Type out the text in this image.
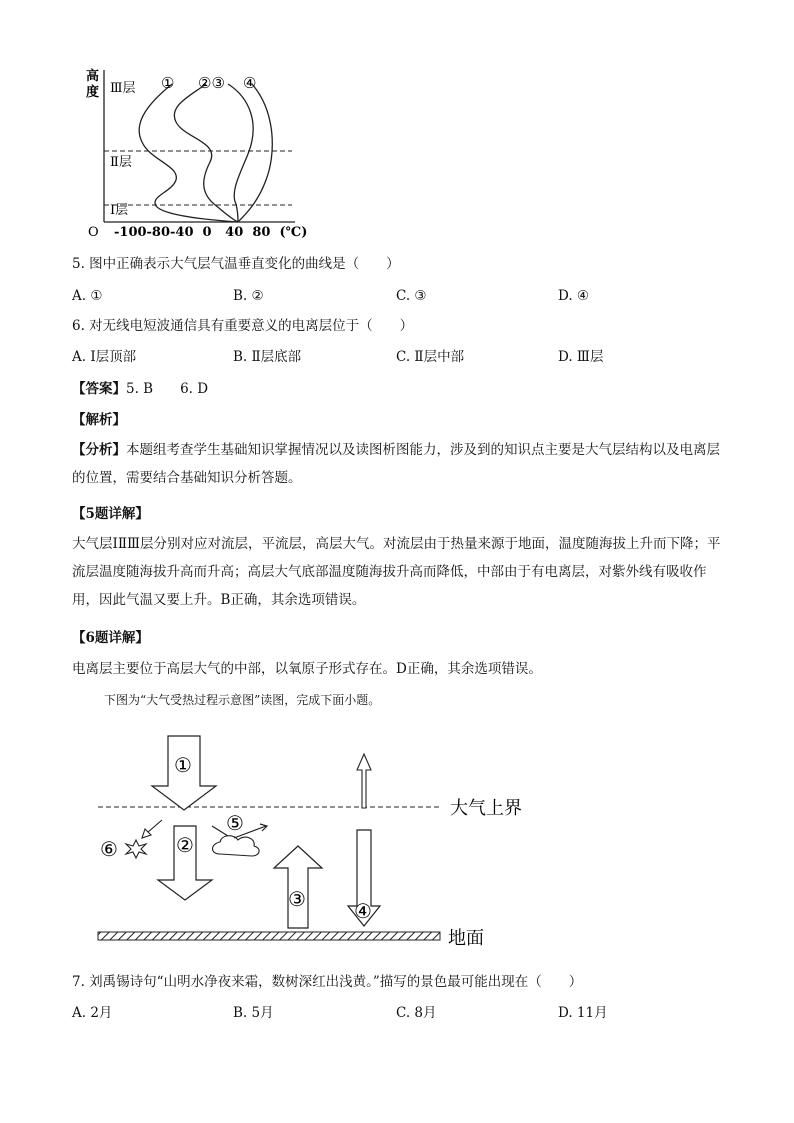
高
度 Ⅲ层
Ⅱ层
Ⅰ层
① ②③ ④
O -100-80-40  0   40  80  (℃)
5. 图中正确表示大气层气温垂直变化的曲线是（　　）
A. ①	B. ②	C. ③	D. ④
6. 对无线电短波通信具有重要意义的电离层位于（　　）
A. Ⅰ层顶部	B. Ⅱ层底部	C. Ⅱ层中部	D. Ⅲ层
【答案】5. B　　6. D
【解析】
【分析】本题组考查学生基础知识掌握情况以及读图析图能力，涉及到的知识点主要是大气层结构以及电离层的位置，需要结合基础知识分析答题。
【5题详解】
大气层ⅠⅡⅢ层分别对应对流层，平流层，高层大气。对流层由于热量来源于地面，温度随海拔上升而下降；平流层温度随海拔升高而升高；高层大气底部温度随海拔升高而降低，中部由于有电离层，对紫外线有吸收作用，因此气温又要上升。B正确，其余选项错误。
【6题详解】
电离层主要位于高层大气的中部，以氧原子形式存在。D正确，其余选项错误。
下图为“大气受热过程示意图”读图，完成下面小题。
大气上界
地面
①
②
③ ④
⑤
⑥
7. 刘禹锡诗句“山明水净夜来霜，数树深红出浅黄。”描写的景色最可能出现在（　　）
A. 2月	B. 5月	C. 8月	D. 11月
